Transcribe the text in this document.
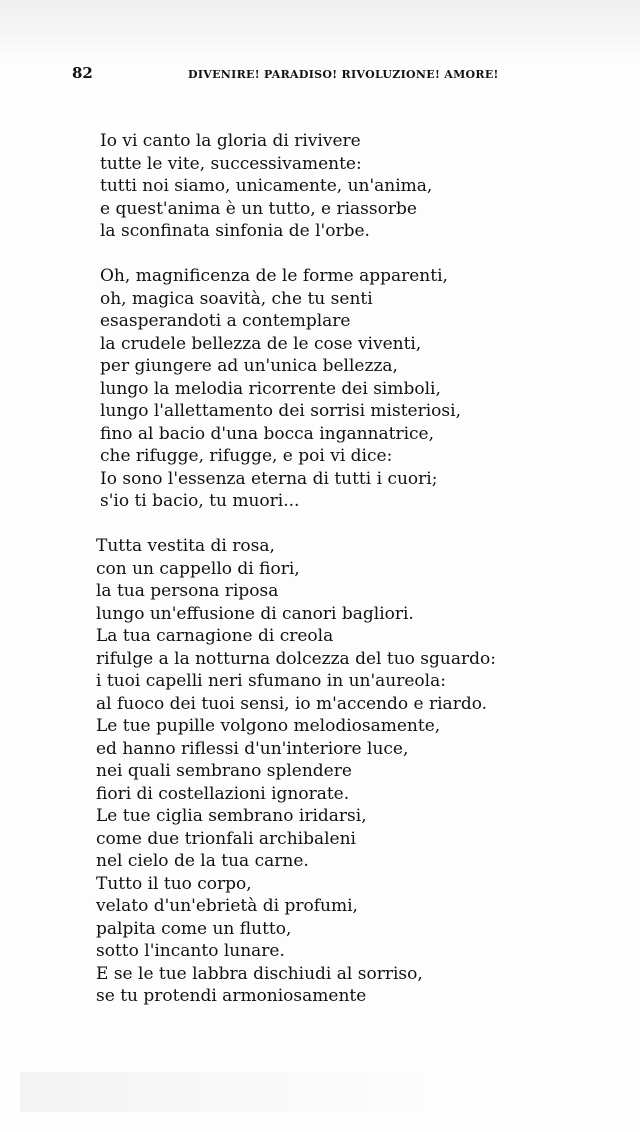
82	DIVENIRE! PARADISO! RIVOLUZIONE! AMORE!
Io vi canto la gloria di rivivere
tutte le vite, successivamente:
tutti noi siamo, unicamente, un'anima,
e quest'anima è un tutto, e riassorbe
la sconfinata sinfonia de l'orbe.
Oh, magnificenza de le forme apparenti,
oh, magica soavità, che tu senti
esasperandoti a contemplare
la crudele bellezza de le cose viventi,
per giungere ad un'unica bellezza,
lungo la melodia ricorrente dei simboli,
lungo l'allettamento dei sorrisi misteriosi,
fino al bacio d'una bocca ingannatrice,
che rifugge, rifugge, e poi vi dice:
Io sono l'essenza eterna di tutti i cuori;
s'io ti bacio, tu muori...
Tutta vestita di rosa,
con un cappello di fiori,
la tua persona riposa
lungo un'effusione di canori bagliori.
La tua carnagione di creola
rifulge a la notturna dolcezza del tuo sguardo:
i tuoi capelli neri sfumano in un'aureola:
al fuoco dei tuoi sensi, io m'accendo e riardo.
Le tue pupille volgono melodiosamente,
ed hanno riflessi d'un'interiore luce,
nei quali sembrano splendere
fiori di costellazioni ignorate.
Le tue ciglia sembrano iridarsi,
come due trionfali archibaleni
nel cielo de la tua carne.
Tutto il tuo corpo,
velato d'un'ebrietà di profumi,
palpita come un flutto,
sotto l'incanto lunare.
E se le tue labbra dischiudi al sorriso,
se tu protendi armoniosamente
